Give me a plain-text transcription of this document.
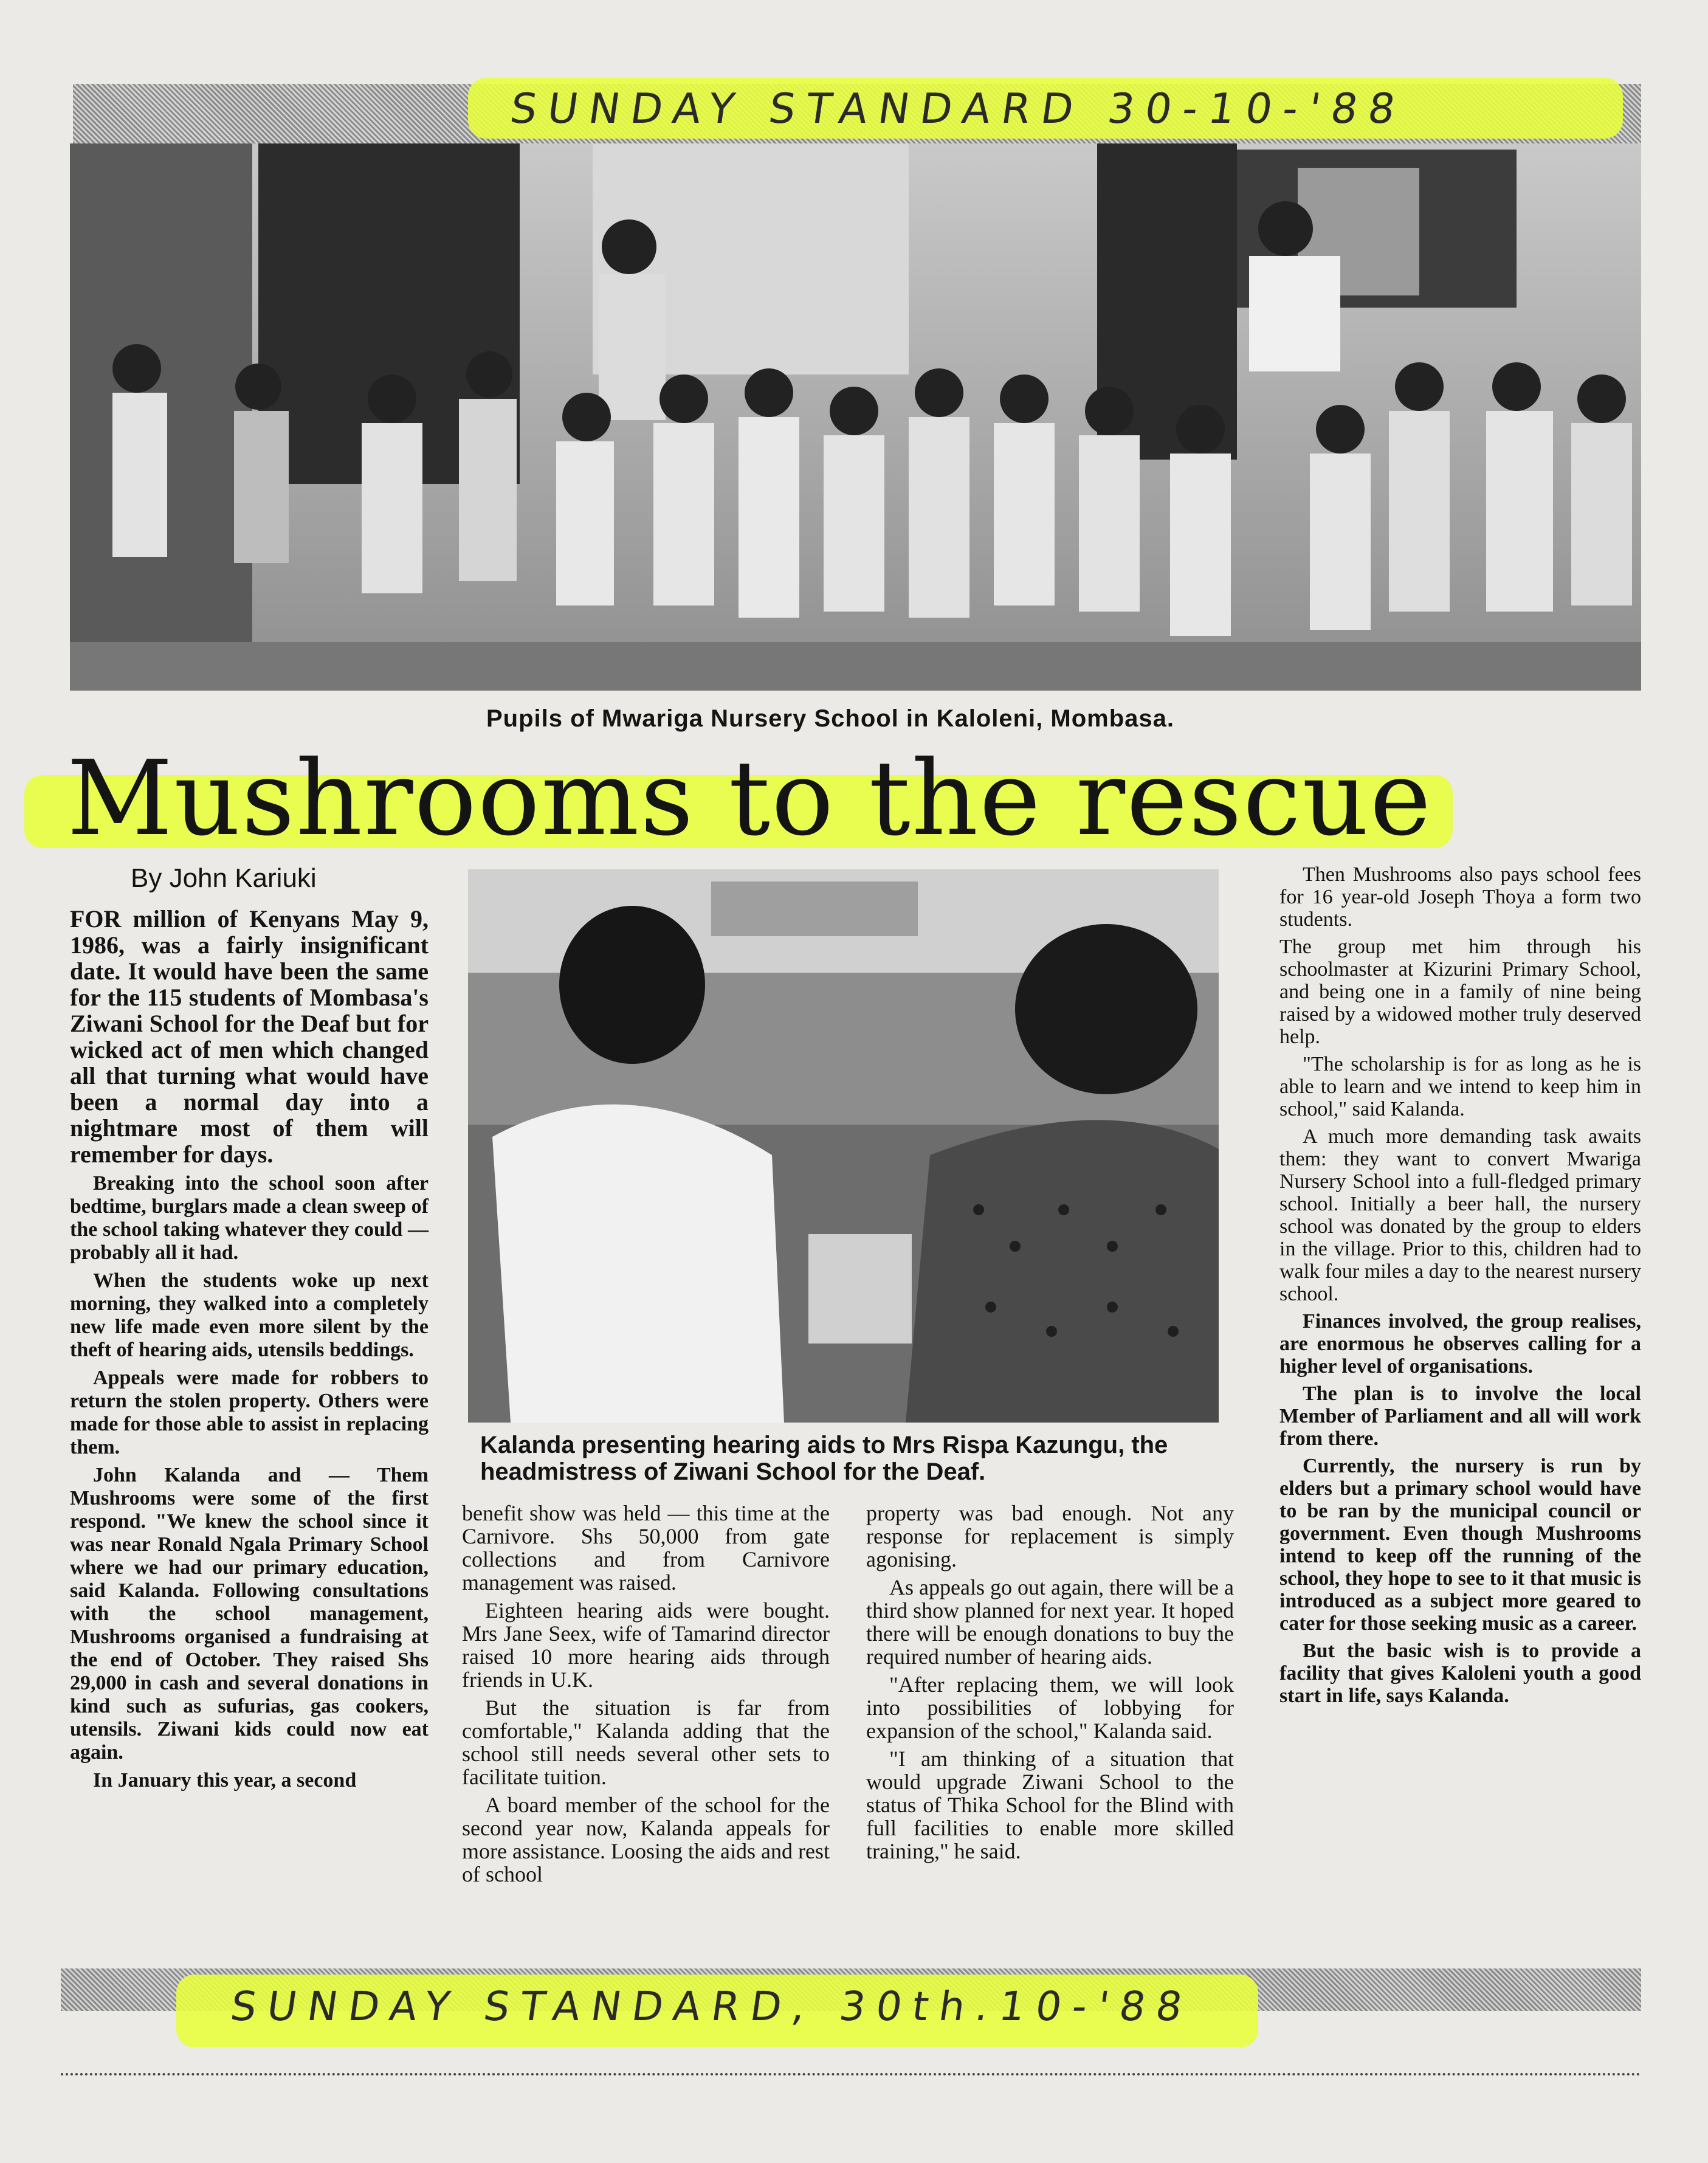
SUNDAY STANDARD 30-10-'88
Pupils of Mwariga Nursery School in Kaloleni, Mombasa.
Mushrooms to the rescue
By John Kariuki
Kalanda presenting hearing aids to Mrs Rispa Kazungu, the headmistress of Ziwani School for the Deaf.

FOR million of Kenyans May 9, 1986, was a fairly insignificant date. It would have been the same for the 115 students of Mombasa's Ziwani School for the Deaf but for wicked act of men which changed all that turning what would have been a normal day into a nightmare most of them will remember for days.

Breaking into the school soon after bedtime, burglars made a clean sweep of the school taking whatever they could — probably all it had.

When the students woke up next morning, they walked into a completely new life made even more silent by the theft of hearing aids, utensils beddings.

Appeals were made for robbers to return the stolen property. Others were made for those able to assist in replacing them.

John Kalanda and — Them Mushrooms were some of the first respond. "We knew the school since it was near Ronald Ngala Primary School where we had our primary education, said Kalanda. Following consultations with the school management, Mushrooms organised a fundraising at the end of October. They raised Shs 29,000 in cash and several donations in kind such as sufurias, gas cookers, utensils. Ziwani kids could now eat again.

In January this year, a second

benefit show was held — this time at the Carnivore. Shs 50,000 from gate collections and from Carnivore management was raised.

Eighteen hearing aids were bought. Mrs Jane Seex, wife of Tamarind director raised 10 more hearing aids through friends in U.K.

But the situation is far from comfortable," Kalanda adding that the school still needs several other sets to facilitate tuition.

A board member of the school for the second year now, Kalanda appeals for more assistance. Loosing the aids and rest of school

property was bad enough. Not any response for replacement is simply agonising.

As appeals go out again, there will be a third show planned for next year. It hoped there will be enough donations to buy the required number of hearing aids.

"After replacing them, we will look into possibilities of lobbying for expansion of the school," Kalanda said.

"I am thinking of a situation that would upgrade Ziwani School to the status of Thika School for the Blind with full facilities to enable more skilled training," he said.

Then Mushrooms also pays school fees for 16 year-old Joseph Thoya a form two students.

The group met him through his schoolmaster at Kizurini Primary School, and being one in a family of nine being raised by a widowed mother truly deserved help.

"The scholarship is for as long as he is able to learn and we intend to keep him in school," said Kalanda.

A much more demanding task awaits them: they want to convert Mwariga Nursery School into a full-fledged primary school. Initially a beer hall, the nursery school was donated by the group to elders in the village. Prior to this, children had to walk four miles a day to the nearest nursery school.

Finances involved, the group realises, are enormous he observes calling for a higher level of organisations.

The plan is to involve the local Member of Parliament and all will work from there.

Currently, the nursery is run by elders but a primary school would have to be ran by the municipal council or government. Even though Mushrooms intend to keep off the running of the school, they hope to see to it that music is introduced as a subject more geared to cater for those seeking music as a career.

But the basic wish is to provide a facility that gives Kaloleni youth a good start in life, says Kalanda.

SUNDAY STANDARD, 30th.10-'88
